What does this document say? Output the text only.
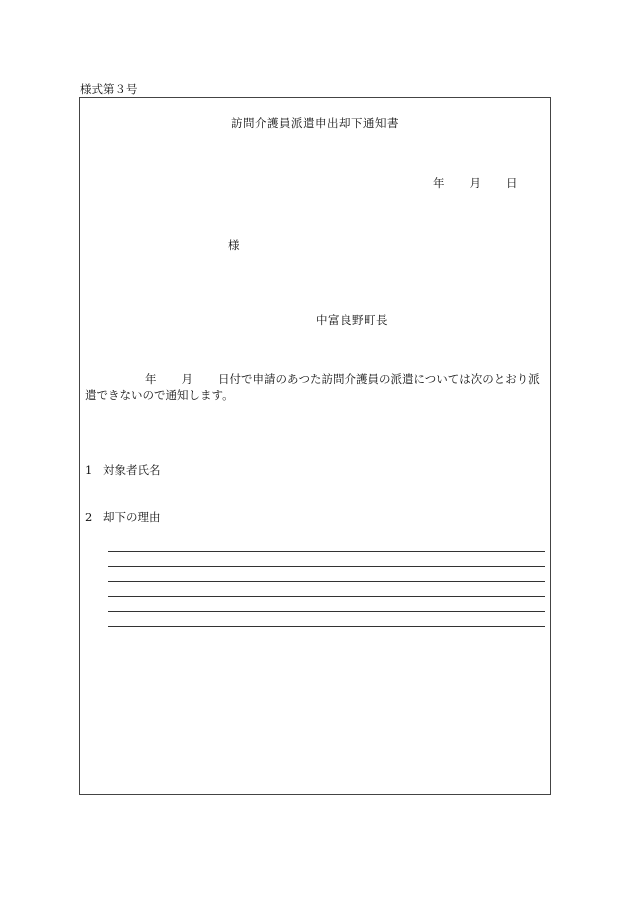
様式第３号
訪問介護員派遣申出却下通知書
年 月 日
様
中富良野町長
年 月 日付で申請のあつた訪問介護員の派遣については次のとおり派
遣できないので通知します。
1 対象者氏名
2 却下の理由
